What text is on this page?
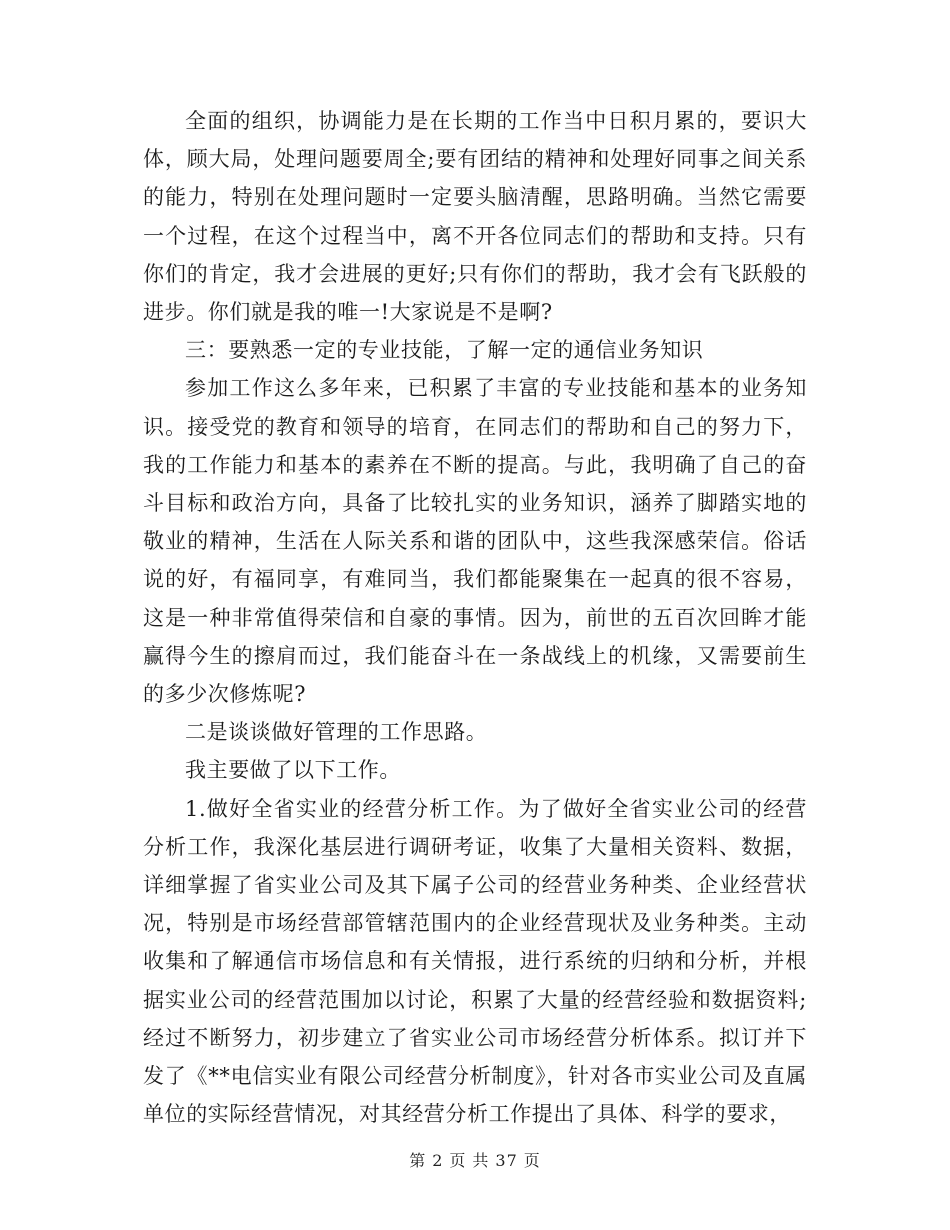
全面的组织，协调能力是在长期的工作当中日积月累的，要识大体，顾大局，处理问题要周全;要有团结的精神和处理好同事之间关系的能力，特别在处理问题时一定要头脑清醒，思路明确。当然它需要一个过程，在这个过程当中，离不开各位同志们的帮助和支持。只有你们的肯定，我才会进展的更好;只有你们的帮助，我才会有飞跃般的进步。你们就是我的唯一!大家说是不是啊?

三：要熟悉一定的专业技能，了解一定的通信业务知识

参加工作这么多年来，已积累了丰富的专业技能和基本的业务知识。接受党的教育和领导的培育，在同志们的帮助和自己的努力下，我的工作能力和基本的素养在不断的提高。与此，我明确了自己的奋斗目标和政治方向，具备了比较扎实的业务知识，涵养了脚踏实地的敬业的精神，生活在人际关系和谐的团队中，这些我深感荣信。俗话说的好，有福同享，有难同当，我们都能聚集在一起真的很不容易，这是一种非常值得荣信和自豪的事情。因为，前世的五百次回眸才能赢得今生的擦肩而过，我们能奋斗在一条战线上的机缘，又需要前生的多少次修炼呢?

二是谈谈做好管理的工作思路。

我主要做了以下工作。

1.做好全省实业的经营分析工作。为了做好全省实业公司的经营分析工作，我深化基层进行调研考证，收集了大量相关资料、数据，详细掌握了省实业公司及其下属子公司的经营业务种类、企业经营状况，特别是市场经营部管辖范围内的企业经营现状及业务种类。主动收集和了解通信市场信息和有关情报，进行系统的归纳和分析，并根据实业公司的经营范围加以讨论，积累了大量的经营经验和数据资料;经过不断努力，初步建立了省实业公司市场经营分析体系。拟订并下发了《**电信实业有限公司经营分析制度》，针对各市实业公司及直属单位的实际经营情况，对其经营分析工作提出了具体、科学的要求，

第 2 页 共 37 页
